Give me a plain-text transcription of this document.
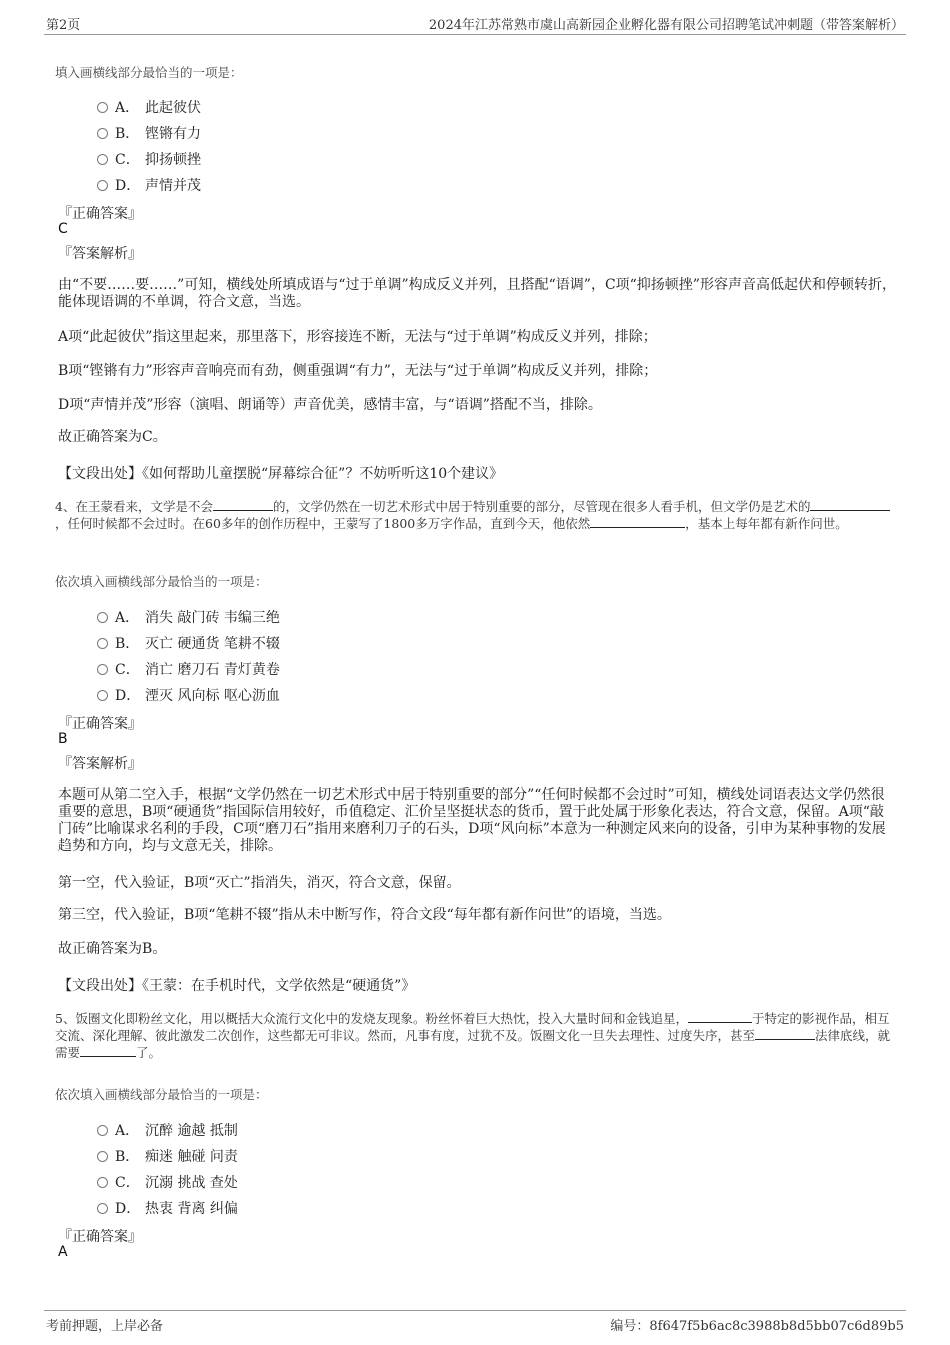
第2页	2024年江苏常熟市虞山高新园企业孵化器有限公司招聘笔试冲刺题（带答案解析）
填入画横线部分最恰当的一项是：
A． 此起彼伏
B． 铿锵有力
C． 抑扬顿挫
D． 声情并茂
『正确答案』
C
『答案解析』
由“不要……要……”可知，横线处所填成语与“过于单调”构成反义并列，且搭配“语调”，C项“抑扬顿挫”形容声音高低起伏和停顿转折，能体现语调的不单调，符合文意，当选。
A项“此起彼伏”指这里起来，那里落下，形容接连不断，无法与“过于单调”构成反义并列，排除；
B项“铿锵有力”形容声音响亮而有劲，侧重强调“有力”，无法与“过于单调”构成反义并列，排除；
D项“声情并茂”形容（演唱、朗诵等）声音优美，感情丰富，与“语调”搭配不当，排除。
故正确答案为C。
【文段出处】《如何帮助儿童摆脱“屏幕综合征”？不妨听听这10个建议》
4、在王蒙看来，文学是不会	的，文学仍然在一切艺术形式中居于特别重要的部分，尽管现在很多人看手机，但文学仍是艺术的，任何时候都不会过时。在60多年的创作历程中，王蒙写了1800多万字作品，直到今天，他依然	，基本上每年都有新作问世。
依次填入画横线部分最恰当的一项是：
A． 消失 敲门砖 韦编三绝
B． 灭亡 硬通货 笔耕不辍
C． 消亡 磨刀石 青灯黄卷
D． 湮灭 风向标 呕心沥血
『正确答案』
B
『答案解析』
本题可从第二空入手，根据“文学仍然在一切艺术形式中居于特别重要的部分”“任何时候都不会过时”可知，横线处词语表达文学仍然很重要的意思，B项“硬通货”指国际信用较好，币值稳定、汇价呈坚挺状态的货币，置于此处属于形象化表达，符合文意，保留。A项“敲门砖”比喻谋求名利的手段，C项“磨刀石”指用来磨利刀子的石头，D项“风向标”本意为一种测定风来向的设备，引申为某种事物的发展趋势和方向，均与文意无关，排除。
第一空，代入验证，B项“灭亡”指消失，消灭，符合文意，保留。
第三空，代入验证，B项“笔耕不辍”指从未中断写作，符合文段“每年都有新作问世”的语境，当选。
故正确答案为B。
【文段出处】《王蒙：在手机时代，文学依然是“硬通货”》
5、饭圈文化即粉丝文化，用以概括大众流行文化中的发烧友现象。粉丝怀着巨大热忱，投入大量时间和金钱追星，	于特定的影视作品，相互交流、深化理解、彼此激发二次创作，这些都无可非议。然而，凡事有度，过犹不及。饭圈文化一旦失去理性、过度失序，甚至	法律底线，就需要	了。
依次填入画横线部分最恰当的一项是：
A． 沉醉 逾越 抵制
B． 痴迷 触碰 问责
C． 沉溺 挑战 查处
D． 热衷 背离 纠偏
『正确答案』
A
考前押题，上岸必备	编号：8f647f5b6ac8c3988b8d5bb07c6d89b5
